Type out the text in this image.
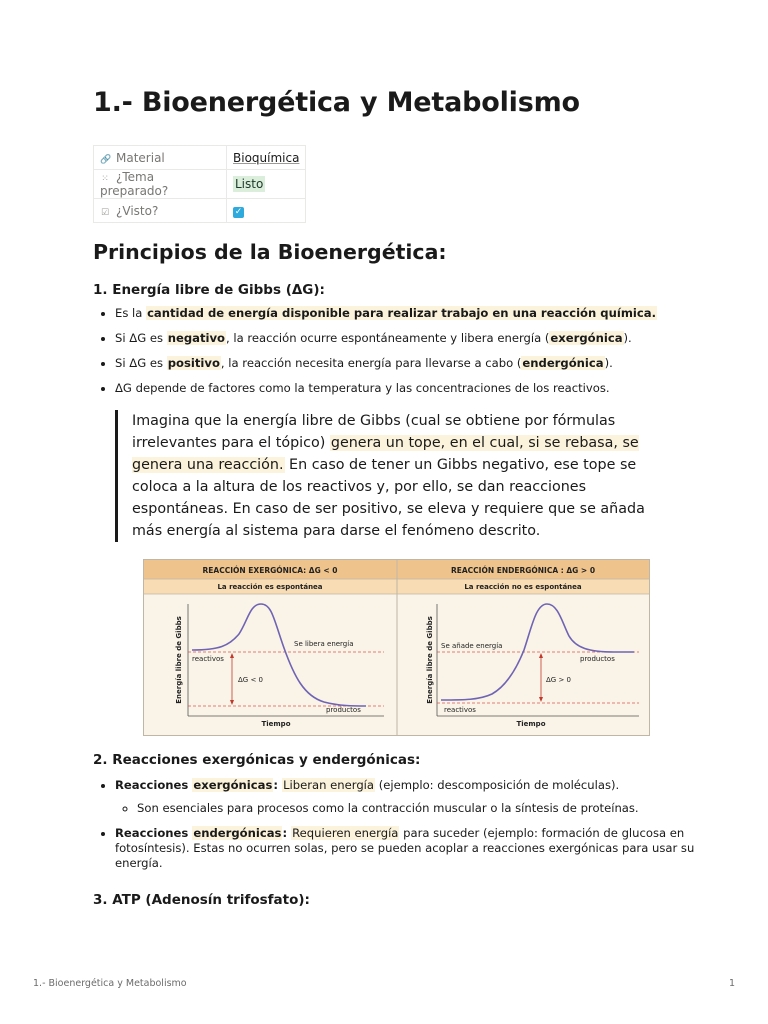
1.- Bioenergética y Metabolismo
🔗 Material	Bioquímica
⁙ ¿Tema preparado?	Listo
☑ ¿Visto?	✓
Principios de la Bioenergética:
1. Energía libre de Gibbs (ΔG):
• Es la cantidad de energía disponible para realizar trabajo en una reacción química.
• Si ΔG es negativo, la reacción ocurre espontáneamente y libera energía (exergónica).
• Si ΔG es positivo, la reacción necesita energía para llevarse a cabo (endergónica).
• ΔG depende de factores como la temperatura y las concentraciones de los reactivos.
Imagina que la energía libre de Gibbs (cual se obtiene por fórmulas irrelevantes para el tópico) genera un tope, en el cual, si se rebasa, se genera una reacción. En caso de tener un Gibbs negativo, ese tope se coloca a la altura de los reactivos y, por ello, se dan reacciones espontáneas. En caso de ser positivo, se eleva y requiere que se añada más energía al sistema para darse el fenómeno descrito.
REACCIÓN EXERGÓNICA: ΔG < 0
La reacción es espontánea
REACCIÓN ENDERGÓNICA : ΔG > 0
La reacción no es espontánea
Energía libre de Gibbs
Tiempo
ΔG < 0
reactivos
productos
Se libera energía	Energía libre de Gibbs
Tiempo
ΔG > 0
reactivos
productos
Se añade energía
2. Reacciones exergónicas y endergónicas:
• Reacciones exergónicas: Liberan energía (ejemplo: descomposición de moléculas).
◦ Son esenciales para procesos como la contracción muscular o la síntesis de proteínas.
• Reacciones endergónicas: Requieren energía para suceder (ejemplo: formación de glucosa en fotosíntesis). Estas no ocurren solas, pero se pueden acoplar a reacciones exergónicas para usar su energía.
3. ATP (Adenosín trifosfato):
1.- Bioenergética y Metabolismo	1
